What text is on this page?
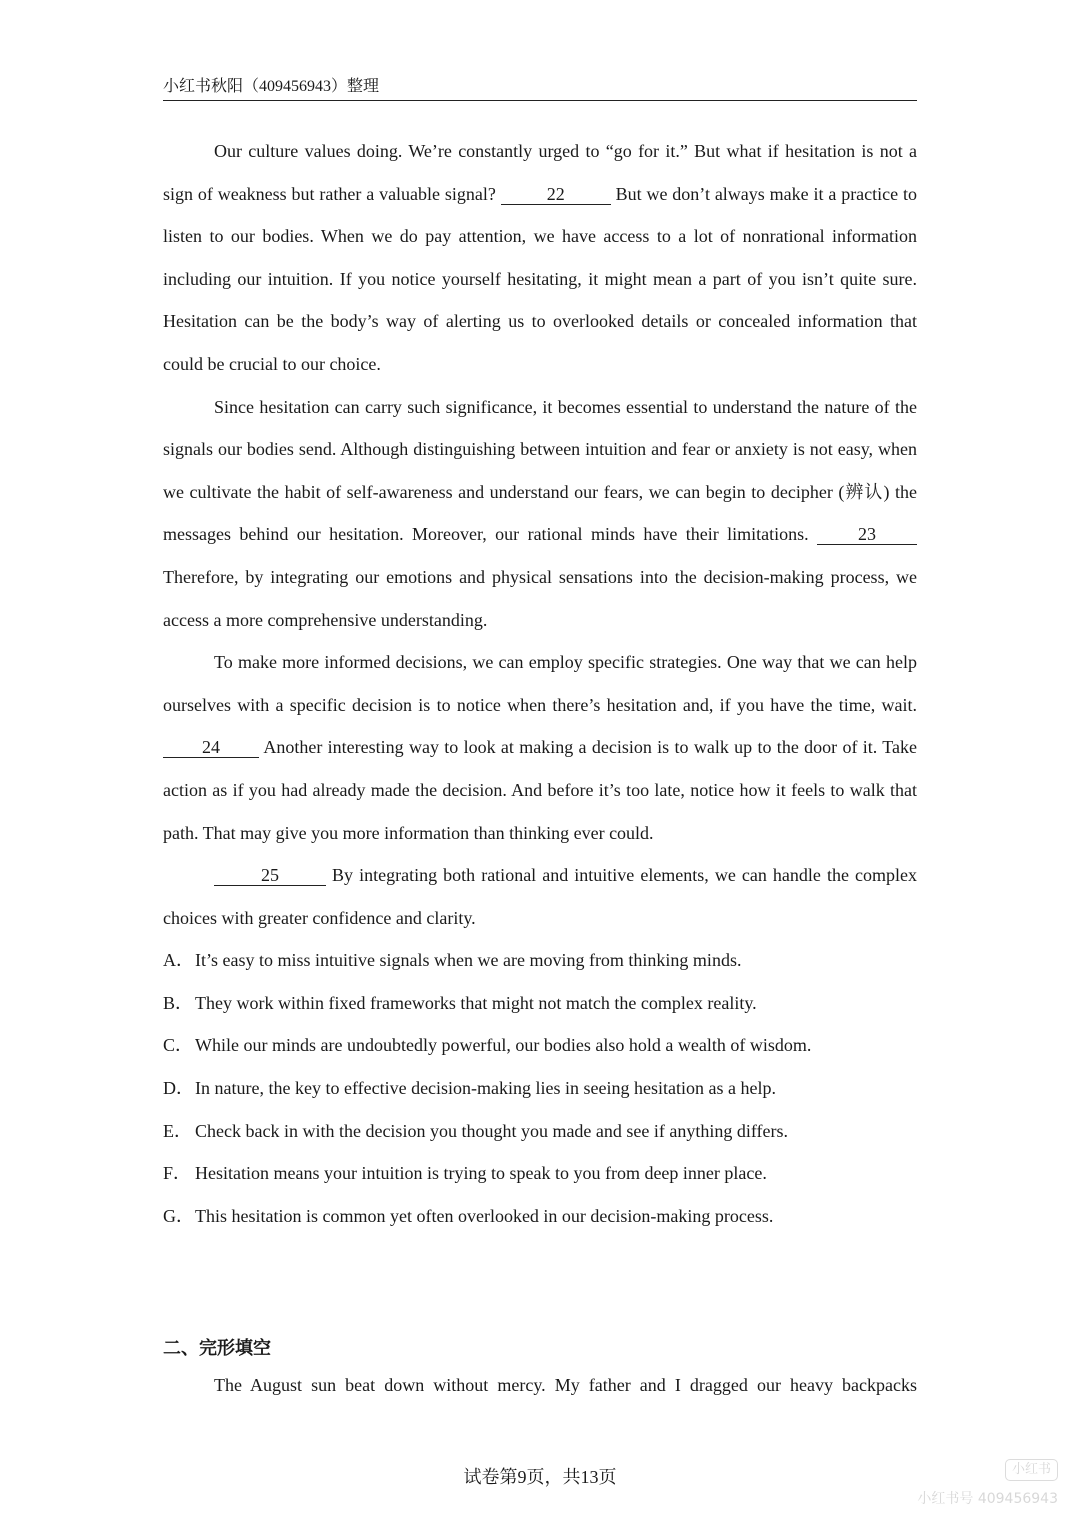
小红书秋阳（409456943）整理

Our culture values doing. We’re constantly urged to “go for it.” But what if hesitation is not a sign of weakness but rather a valuable signal?	22	But we don’t always make it a practice to listen to our bodies. When we do pay attention, we have access to a lot of nonrational information including our intuition. If you notice yourself hesitating, it might mean a part of you isn’t quite sure. Hesitation can be the body’s way of alerting us to overlooked details or concealed information that could be crucial to our choice.

Since hesitation can carry such significance, it becomes essential to understand the nature of the signals our bodies send. Although distinguishing between intuition and fear or anxiety is not easy, when we cultivate the habit of self-awareness and understand our fears, we can begin to decipher (辨认) the messages behind our hesitation. Moreover, our rational minds have their limitations. 23 Therefore, by integrating our emotions and physical sensations into the decision-making process, we access a more comprehensive understanding.

To make more informed decisions, we can employ specific strategies. One way that we can help ourselves with a specific decision is to notice when there’s hesitation and, if you have the time, wait. 24 Another interesting way to look at making a decision is to walk up to the door of it. Take action as if you had already made the decision. And before it’s too late, notice how it feels to walk that path. That may give you more information than thinking ever could.

25	By integrating both rational and intuitive elements, we can handle the complex choices with greater confidence and clarity.

A．It’s easy to miss intuitive signals when we are moving from thinking minds.
B． They work within fixed frameworks that might not match the complex reality.
C． While our minds are undoubtedly powerful, our bodies also hold a wealth of wisdom.
D．In nature, the key to effective decision-making lies in seeing hesitation as a help.
E． Check back in with the decision you thought you made and see if anything differs.
F． Hesitation means your intuition is trying to speak to you from deep inner place.
G．This hesitation is common yet often overlooked in our decision-making process.
二、完形填空

The August sun beat down without mercy. My father and I dragged our heavy backpacks

试卷第9页，共13页	小红书
小红书号 409456943
